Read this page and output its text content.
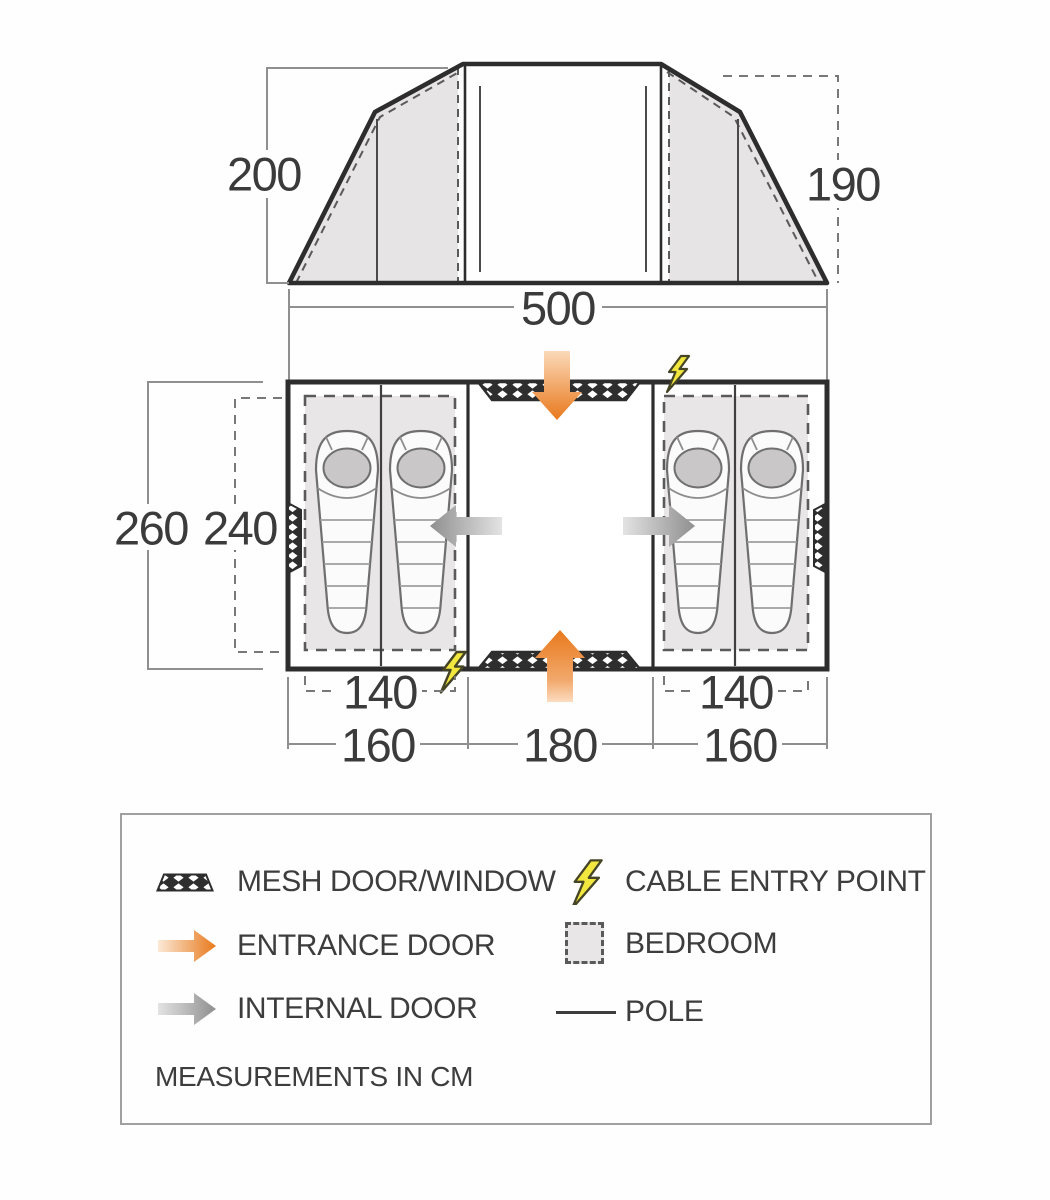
200	190
500
260 240
140	140
160 180 160
MESH DOOR/WINDOW CABLE ENTRY POINT
ENTRANCE DOOR	BEDROOM
INTERNAL DOOR	POLE
MEASUREMENTS IN CM
